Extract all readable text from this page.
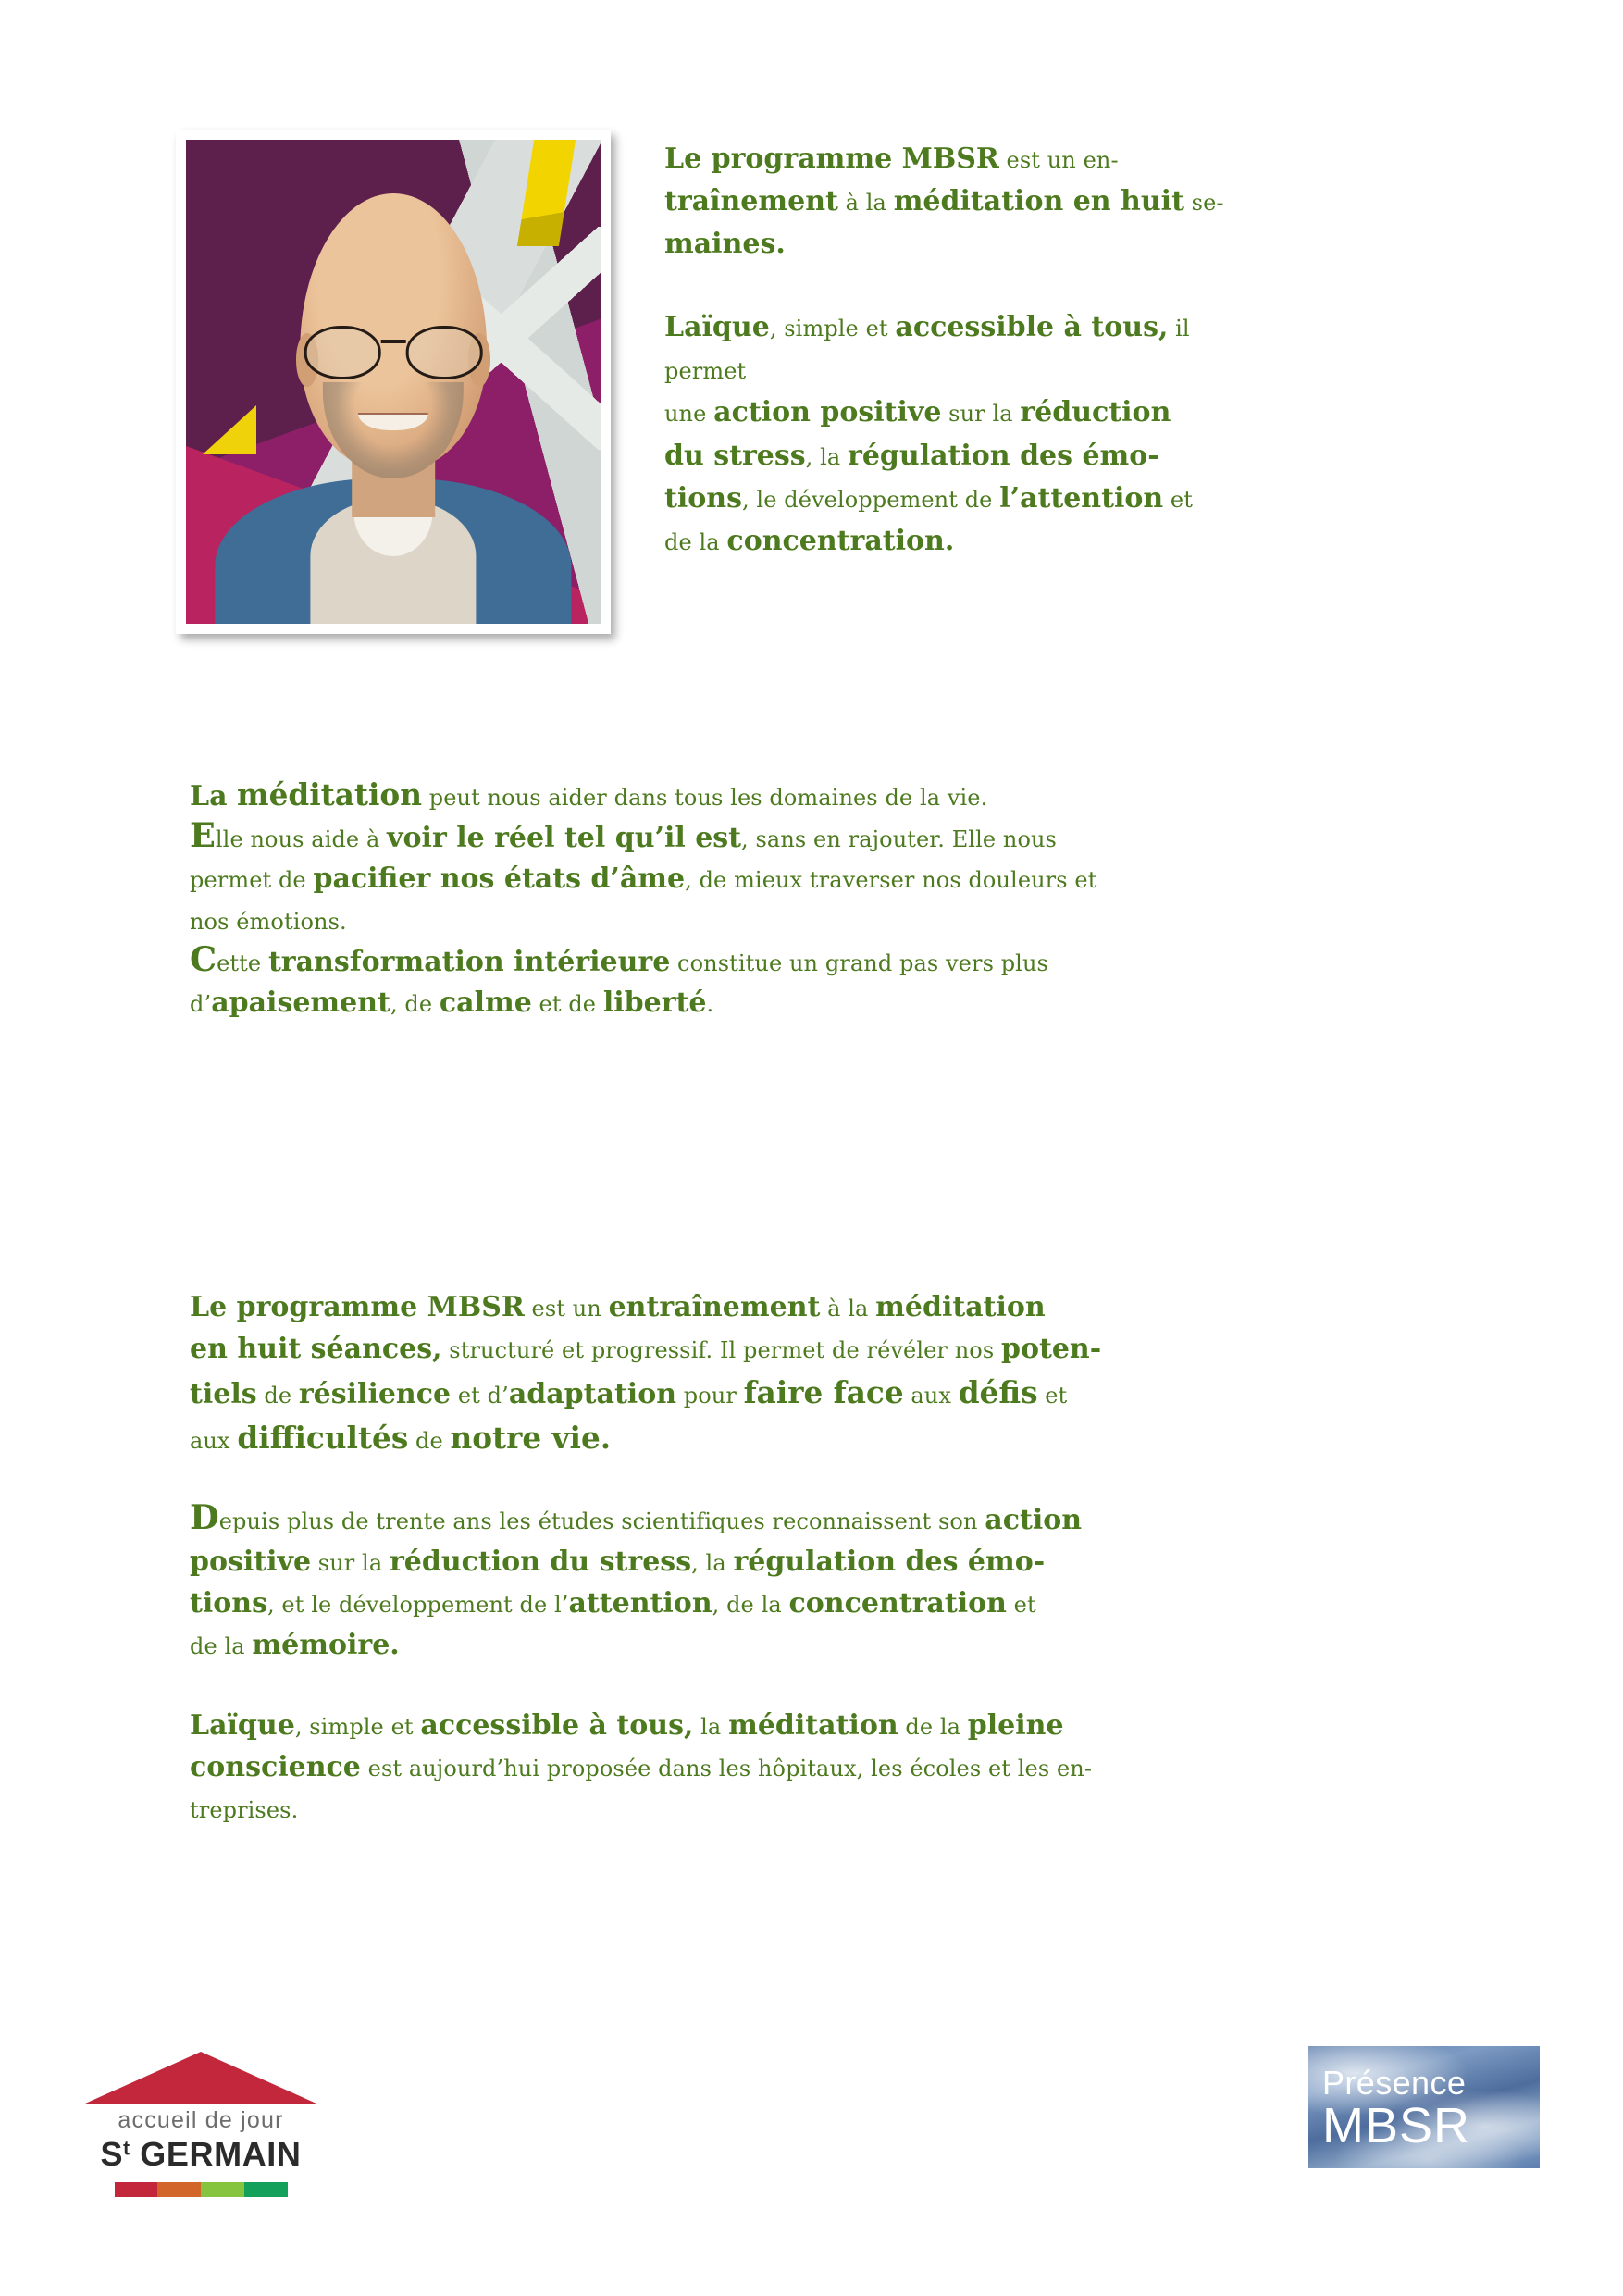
Le programme MBSR est un en-
traînement à la méditation en huit se-
maines.
Laïque, simple et accessible à tous, il
permet
une action positive sur la réduction
du stress, la régulation des émo-
tions, le développement de l’attention et
de la concentration.
La méditation peut nous aider dans tous les domaines de la vie.
Elle nous aide à voir le réel tel qu’il est, sans en rajouter. Elle nous
permet de pacifier nos états d’âme, de mieux traverser nos douleurs et
nos émotions.
Cette transformation intérieure constitue un grand pas vers plus
d’apaisement, de calme et de liberté.
Le programme MBSR est un entraînement à la méditation
en huit séances, structuré et progressif. Il permet de révéler nos poten-
tiels de résilience et d’adaptation pour faire face aux défis et
aux difficultés de notre vie.
Depuis plus de trente ans les études scientifiques reconnaissent son action
positive sur la réduction du stress, la régulation des émo-
tions, et le développement de l’attention, de la concentration et
de la mémoire.
Laïque, simple et accessible à tous, la méditation de la pleine
conscience est aujourd’hui proposée dans les hôpitaux, les écoles et les en-
treprises.
accueil de jour
$S^t$ GERMAIN
Présence
MBSR
